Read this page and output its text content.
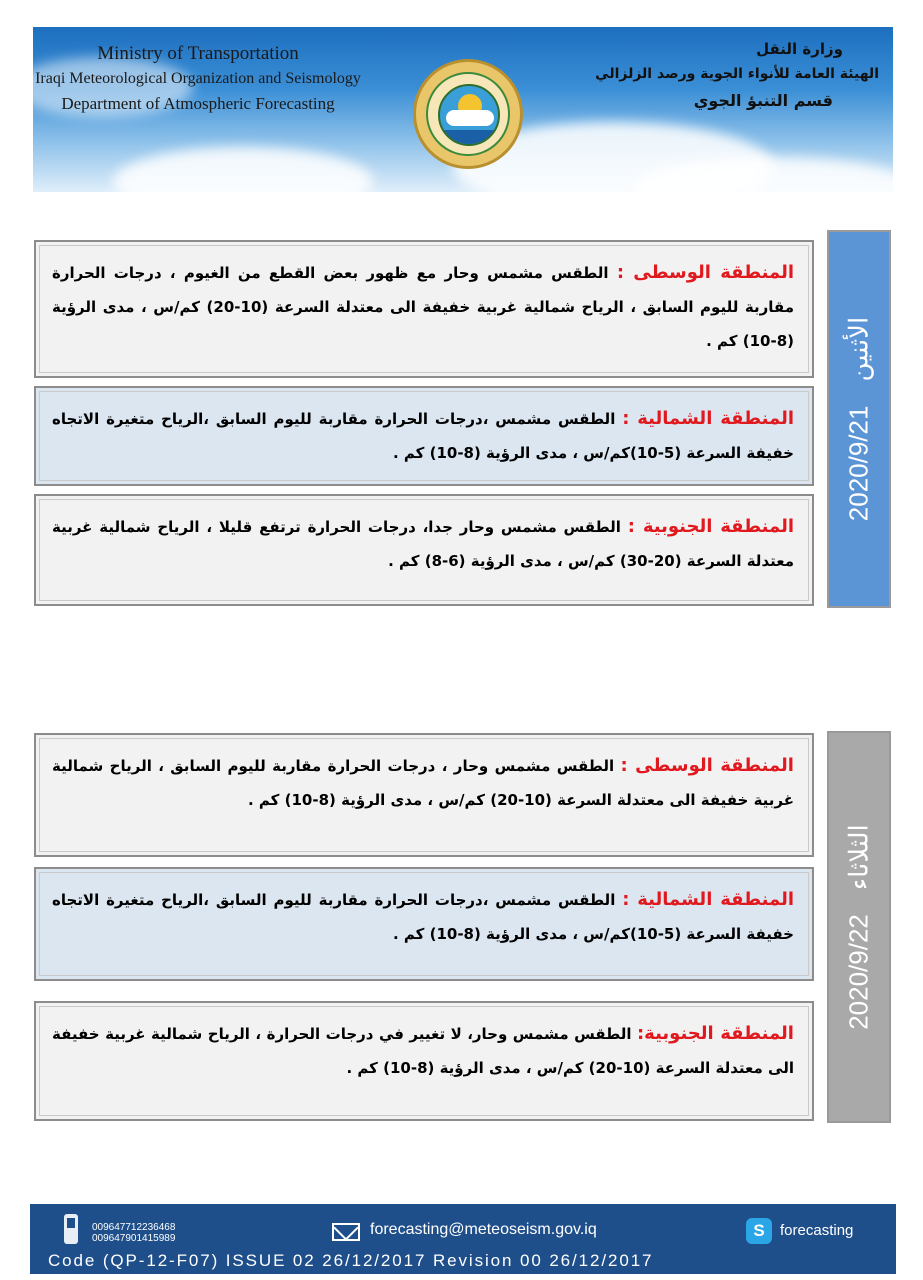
Ministry of Transportation
Iraqi Meteorological Organization and Seismology
Department of Atmospheric Forecasting
وزارة النقل
الهيئة العامة للأنواء الجوية ورصد الزلزالي
قسم التنبؤ الجوي
2020/9/21الأثنين
المنطقة الوسطى : الطقس مشمس وحار مع ظهور بعض القطع من الغيوم ، درجات الحرارة مقاربة لليوم السابق ، الرياح شمالية غربية خفيفة الى معتدلة السرعة (10-20) كم/س ، مدى الرؤية (8-10) كم .
المنطقة الشمالية : الطقس مشمس ،درجات الحرارة مقاربة لليوم السابق ،الرياح متغيرة الاتجاه خفيفة السرعة (5-10)كم/س ، مدى الرؤية (8-10) كم .
المنطقة الجنوبية : الطقس مشمس وحار جدا، درجات الحرارة ترتفع قليلا ، الرياح شمالية غربية معتدلة السرعة (20-30) كم/س ، مدى الرؤية (6-8) كم .
2020/9/22الثلاثاء
المنطقة الوسطى : الطقس مشمس وحار ، درجات الحرارة مقاربة لليوم السابق ، الرياح شمالية غربية خفيفة الى معتدلة السرعة (10-20) كم/س ، مدى الرؤية (8-10) كم .
المنطقة الشمالية : الطقس مشمس ،درجات الحرارة مقاربة لليوم السابق ،الرياح متغيرة الاتجاه خفيفة السرعة (5-10)كم/س ، مدى الرؤية (8-10) كم .
المنطقة الجنوبية: الطقس مشمس وحار، لا تغيير في درجات الحرارة ، الرياح شمالية غربية خفيفة الى معتدلة السرعة (10-20) كم/س ، مدى الرؤية (8-10) كم .
009647712236468
009647901415989
forecasting@meteoseism.gov.iq	S	forecasting
Code (QP-12-F07) ISSUE 02 26/12/2017 Revision 00 26/12/2017
